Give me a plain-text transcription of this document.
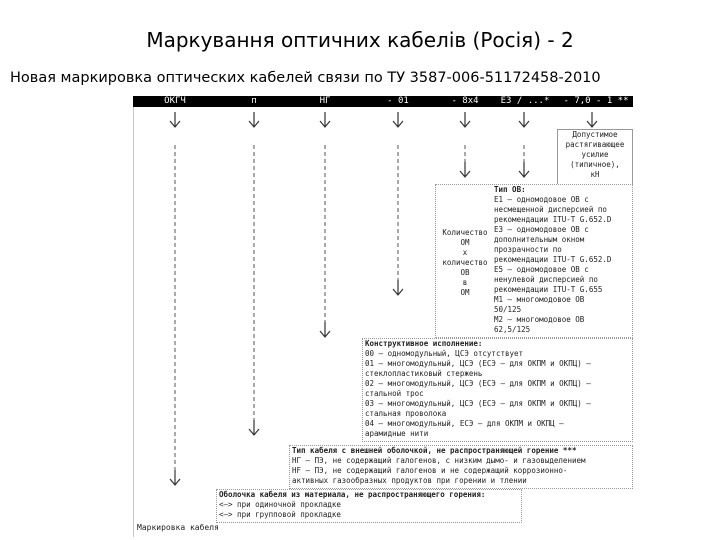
Маркування оптичних кабелів (Росія) - 2
Новая маркировка оптических кабелей связи по ТУ 3587-006-51172458-2010
ОКГЧ	п	НГ	- 01	- 8х4 Е3 / ...* - 7,0 - 1 **
Допустимое
растягивающее
усилие
(типичное),
кН
Тип ОВ:
Е1 – одномодовое ОВ с
несмещенной дисперсией по
рекомендации ITU-T G.652.D
Е3 – одномодовое ОВ с
дополнительным окном
прозрачности по
рекомендации ITU-T G.652.D
Е5 – одномодовое ОВ с
ненулевой дисперсией по
рекомендации ITU-T G.655
М1 – многомодовое ОВ
50/125
М2 – многомодовое ОВ
62,5/125
Количество
ОМ
х
количество
ОВ
в
ОМ
Конструктивное исполнение:
00 – одномодульный, ЦСЭ отсутствует
01 – многомодульный, ЦСЭ (ЕСЭ – для ОКПМ и ОКПЦ) –
стеклопластиковый стержень
02 – многомодульный, ЦСЭ (ЕСЭ – для ОКПМ и ОКПЦ) –
стальной трос
03 – многомодульный, ЦСЭ (ЕСЭ – для ОКПМ и ОКПЦ) –
стальная проволока
04 – многомодульный, ЕСЭ – для ОКПМ и ОКПЦ –
арамидные нити
Тип кабеля с внешней оболочкой, не распространяющей горение ***
НГ – ПЭ, не содержащий галогенов, с низким дымо- и газовыделением
НF – ПЭ, не содержащий галогенов и не содержащий коррозионно-
активных газообразных продуктов при горении и тлении
Оболочка кабеля из материала, не распространяющего горения:
<–> при одиночной прокладке
<–> при групповой прокладке
Маркировка кабеля
